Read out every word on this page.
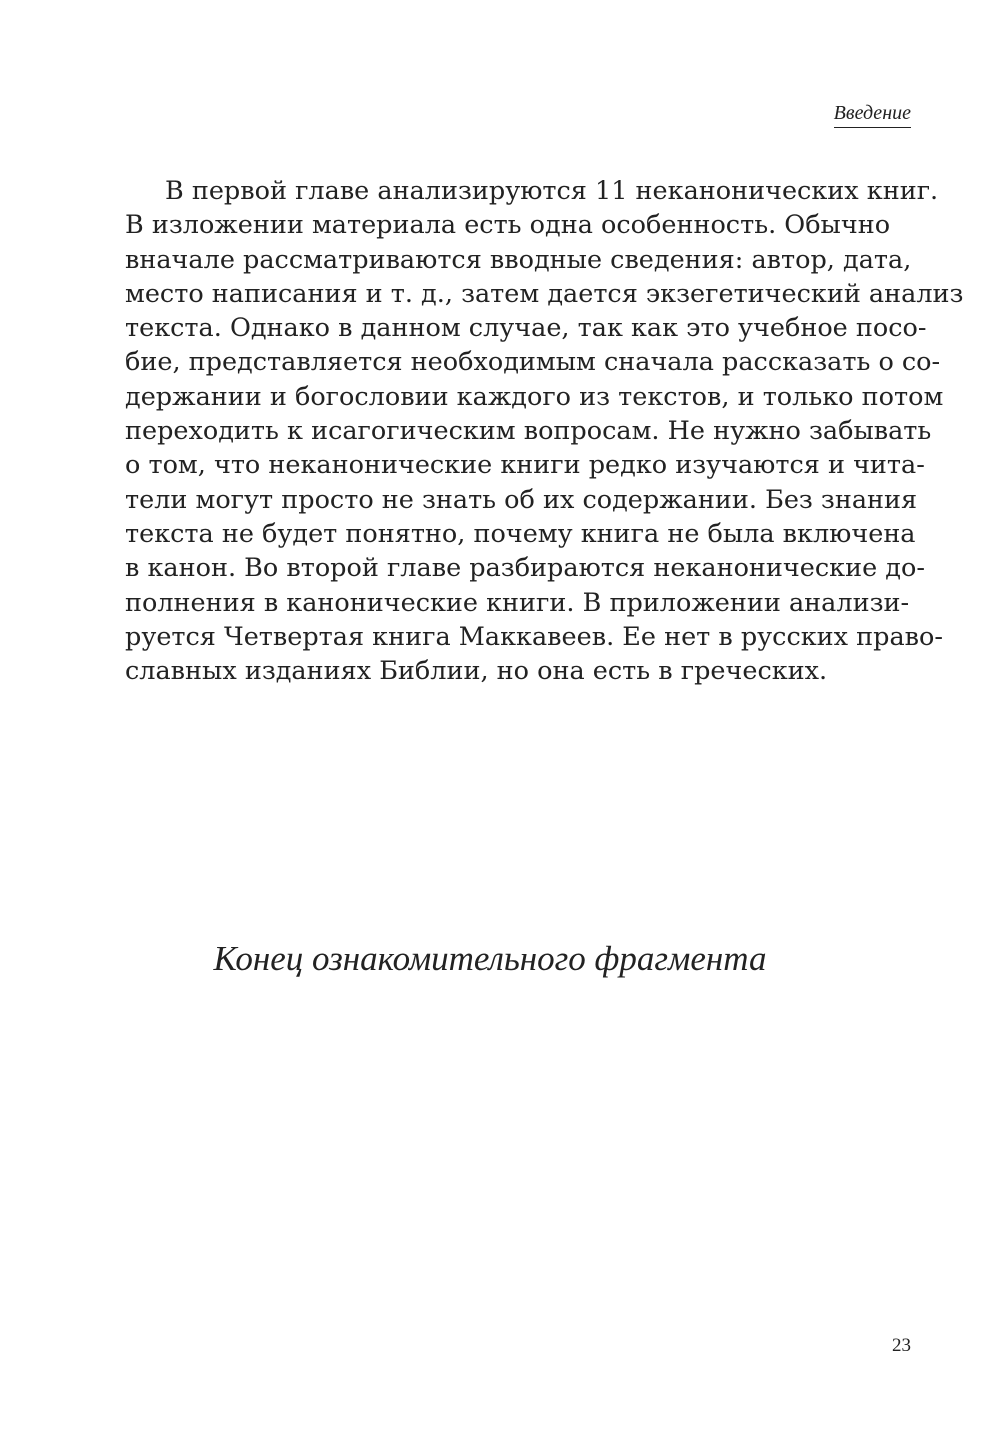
Введение
В первой главе анализируются 11 неканонических книг.
В изложении материала есть одна особенность. Обычно
вначале рассматриваются вводные сведения: автор, дата,
место написания и т. д., затем дается экзегетический анализ
текста. Однако в данном случае, так как это учебное посо-
бие, представляется необходимым сначала рассказать о со-
держании и богословии каждого из текстов, и только потом
переходить к исагогическим вопросам. Не нужно забывать
о том, что неканонические книги редко изучаются и чита-
тели могут просто не знать об их содержании. Без знания
текста не будет понятно, почему книга не была включена
в канон. Во второй главе разбираются неканонические до-
полнения в канонические книги. В приложении анализи-
руется Четвертая книга Маккавеев. Ее нет в русских право-
славных изданиях Библии, но она есть в греческих.
Конец ознакомительного фрагмента
23
